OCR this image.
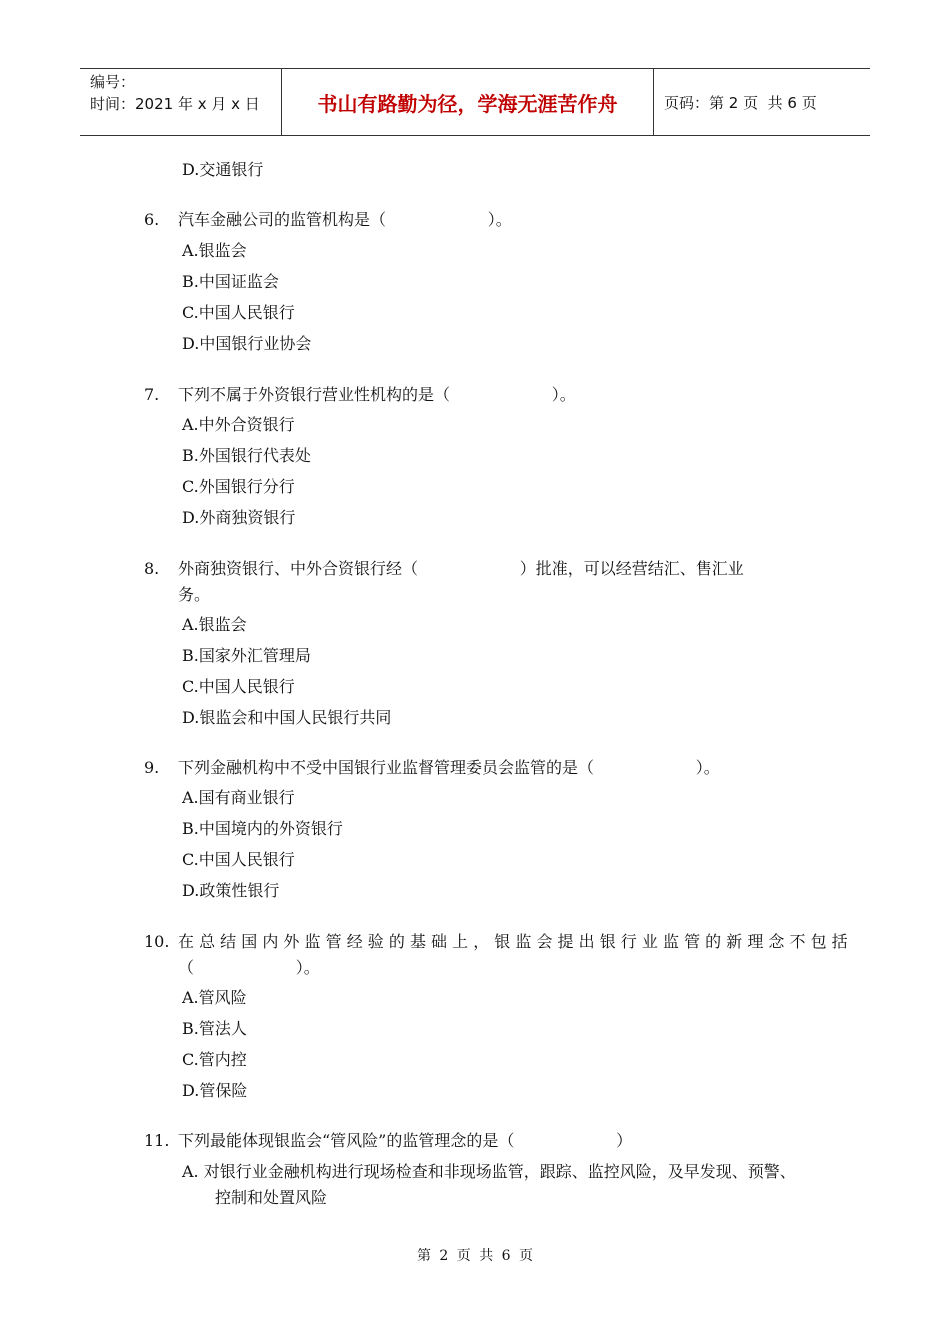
编号：
时间：2021 年 x 月 x 日	书山有路勤为径，学海无涯苦作舟	页码：第 2 页  共 6 页
D.交通银行
6. 汽车金融公司的监管机构是（                    ）。
A.银监会
B.中国证监会
C.中国人民银行
D.中国银行业协会
7. 下列不属于外资银行营业性机构的是（                    ）。
A.中外合资银行
B.外国银行代表处
C.外国银行分行
D.外商独资银行
8. 外商独资银行、中外合资银行经（                    ）批准，可以经营结汇、售汇业
务。
A.银监会
B.国家外汇管理局
C.中国人民银行
D.银监会和中国人民银行共同
9. 下列金融机构中不受中国银行业监督管理委员会监管的是（                    ）。
A.国有商业银行
B.中国境内的外资银行
C.中国人民银行
D.政策性银行
10. 在 总 结 国 内 外 监 管 经 验 的 基 础 上 ， 银 监 会 提 出 银 行 业 监 管 的 新 理 念 不 包 括
（                    ）。
A.管风险
B.管法人
C.管内控
D.管保险
11. 下列最能体现银监会“管风险”的监管理念的是（                    ）
A. 对银行业金融机构进行现场检查和非现场监管，跟踪、监控风险，及早发现、预警、
控制和处置风险
第 2 页 共 6 页
